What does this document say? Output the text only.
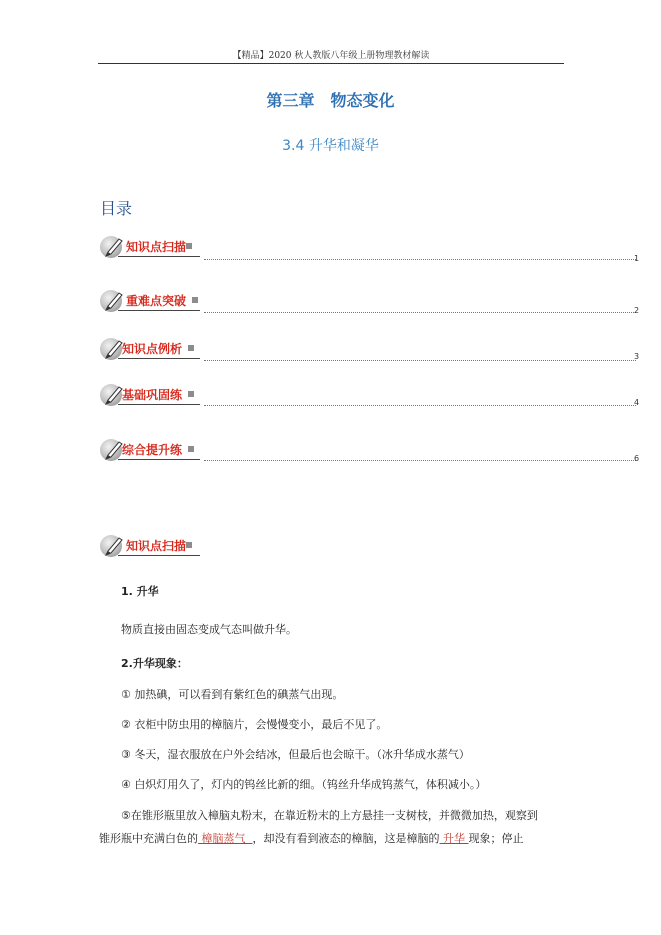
【精品】2020 秋人教版八年级上册物理教材解读
第三章　物态变化
3.4 升华和凝华
目录
知识点扫描
1
重难点突破
2
知识点例析
3
基础巩固练
4
综合提升练
6
知识点扫描
1. 升华
物质直接由固态变成气态叫做升华。
2.升华现象：
① 加热碘，可以看到有紫红色的碘蒸气出现。
② 衣柜中防虫用的樟脑片，会慢慢变小，最后不见了。
③ 冬天，湿衣服放在户外会结冰，但最后也会晾干。（冰升华成水蒸气）
④ 白炽灯用久了，灯内的钨丝比新的细。（钨丝升华成钨蒸气，体积减小。）
⑤在锥形瓶里放入樟脑丸粉末，在靠近粉末的上方悬挂一支树枝，并微微加热，观察到
锥形瓶中充满白色的 樟脑蒸气 ，却没有看到液态的樟脑，这是樟脑的 升华 现象；停止
